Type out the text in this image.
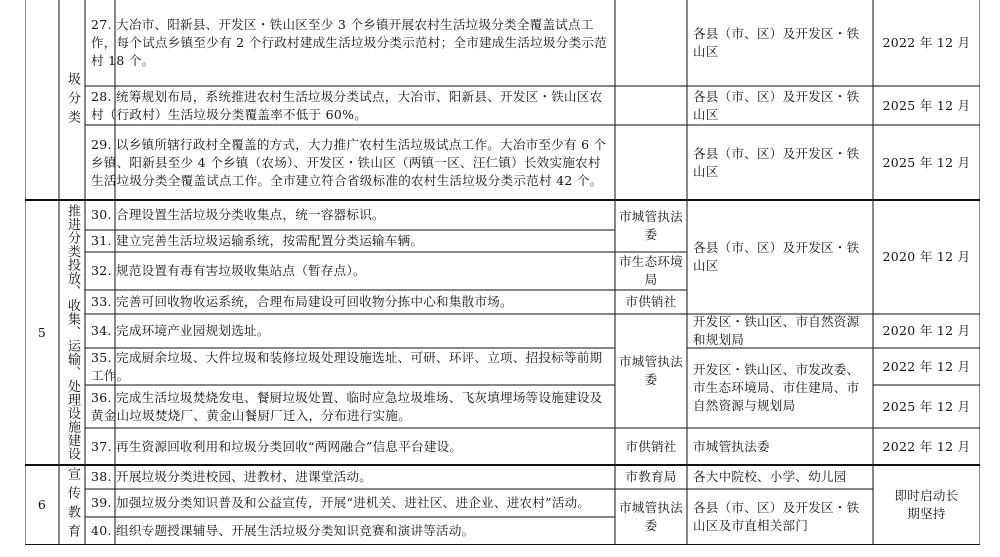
圾分类
5 推进分类投放、收集、运输、处理设施建设
6 宣传教育
27. 大冶市、阳新县、开发区・铁山区至少 3 个乡镇开展农村生活垃圾分类全覆盖试点工作，每个试点乡镇至少有 2 个行政村建成生活垃圾分类示范村；全市建成生活垃圾分类示范村 18 个。
28. 统筹规划布局，系统推进农村生活垃圾分类试点，大冶市、阳新县、开发区・铁山区农村（行政村）生活垃圾分类覆盖率不低于 60%。
29. 以乡镇所辖行政村全覆盖的方式，大力推广农村生活垃圾试点工作。大冶市至少有 6 个乡镇、阳新县至少 4 个乡镇（农场）、开发区・铁山区（两镇一区、汪仁镇）长效实施农村生活垃圾分类全覆盖试点工作。全市建立符合省级标准的农村生活垃圾分类示范村 42 个。
30. 合理设置生活垃圾分类收集点，统一容器标识。
31. 建立完善生活垃圾运输系统，按需配置分类运输车辆。
32. 规范设置有毒有害垃圾收集站点（暂存点）。
33. 完善可回收物收运系统，合理布局建设可回收物分拣中心和集散市场。
34. 完成环境产业园规划选址。
35. 完成厨余垃圾、大件垃圾和装修垃圾处理设施选址、可研、环评、立项、招投标等前期工作。
36. 完成生活垃圾焚烧发电、餐厨垃圾处置、临时应急垃圾堆场、飞灰填埋场等设施建设及黄金山垃圾焚烧厂、黄金山餐厨厂迁入，分布进行实施。
37. 再生资源回收利用和垃圾分类回收“两网融合”信息平台建设。
38. 开展垃圾分类进校园、进教材、进课堂活动。
39. 加强垃圾分类知识普及和公益宣传，开展“进机关、进社区、进企业、进农村”活动。
40. 组织专题授课辅导、开展生活垃圾分类知识竞赛和演讲等活动。
市城管执法委
市生态环境局
市供销社
市城管执法委
市供销社
市教育局
市城管执法委
各县（市、区）及开发区・铁山区
各县（市、区）及开发区・铁山区
各县（市、区）及开发区・铁山区
各县（市、区）及开发区・铁山区
开发区・铁山区、市自然资源和规划局
开发区・铁山区、市发改委、市生态环境局、市住建局、市自然资源与规划局
市城管执法委
各大中院校、小学、幼儿园
各县（市、区）及开发区・铁山区及市直相关部门
2022 年 12 月
2025 年 12 月
2025 年 12 月
2020 年 12 月
2020 年 12 月
2022 年 12 月
2025 年 12 月
2022 年 12 月
即时启动长期坚持
